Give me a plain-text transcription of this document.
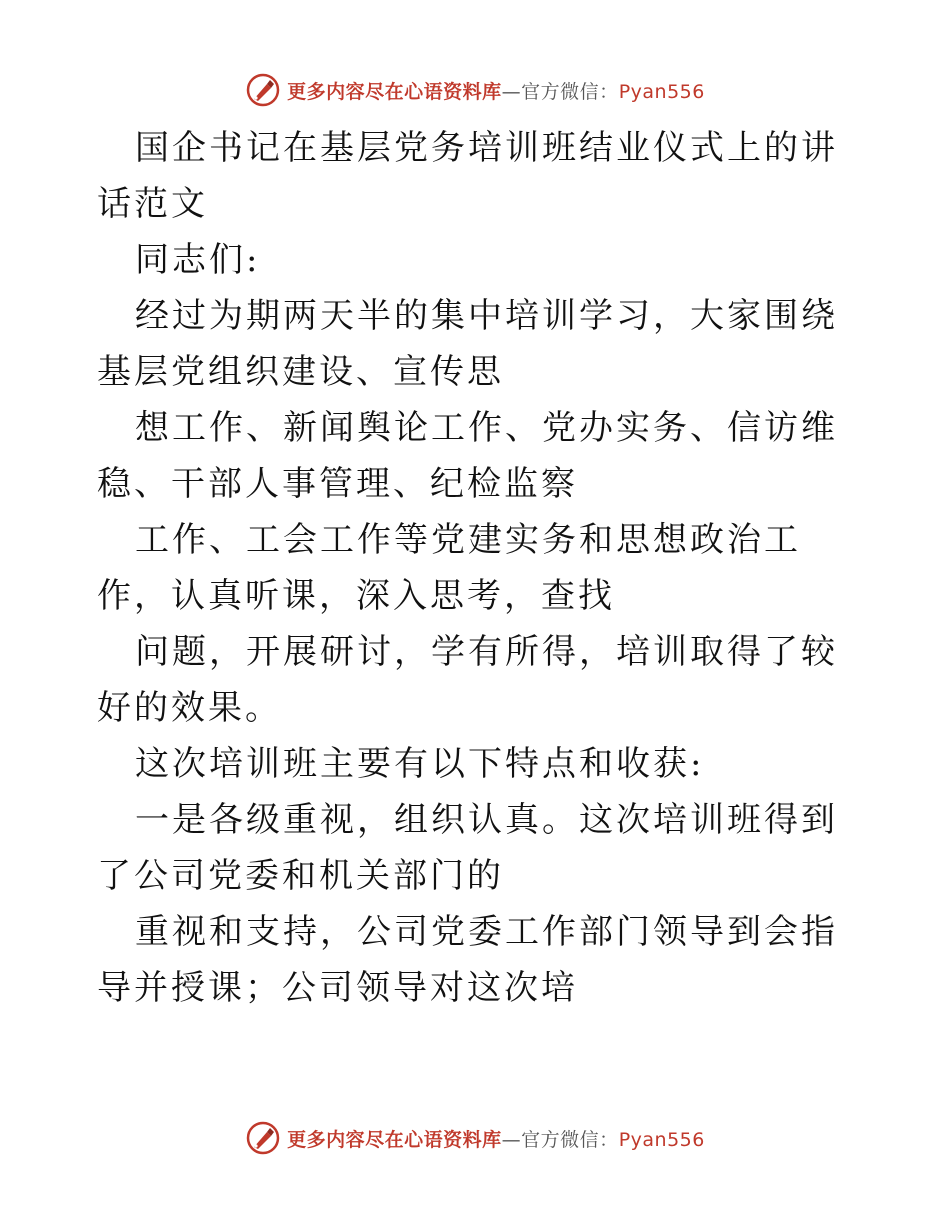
更多内容尽在心语资料库—官方微信：Pyan556

国企书记在基层党务培训班结业仪式上的讲话范文

同志们:

经过为期两天半的集中培训学习，大家围绕基层党组织建设、宣传思

想工作、新闻舆论工作、党办实务、信访维稳、干部人事管理、纪检监察

工作、工会工作等党建实务和思想政治工作，认真听课，深入思考，查找

问题，开展研讨，学有所得，培训取得了较好的效果。

这次培训班主要有以下特点和收获:

一是各级重视，组织认真。这次培训班得到了公司党委和机关部门的

重视和支持，公司党委工作部门领导到会指导并授课；公司领导对这次培

更多内容尽在心语资料库—官方微信：Pyan556
